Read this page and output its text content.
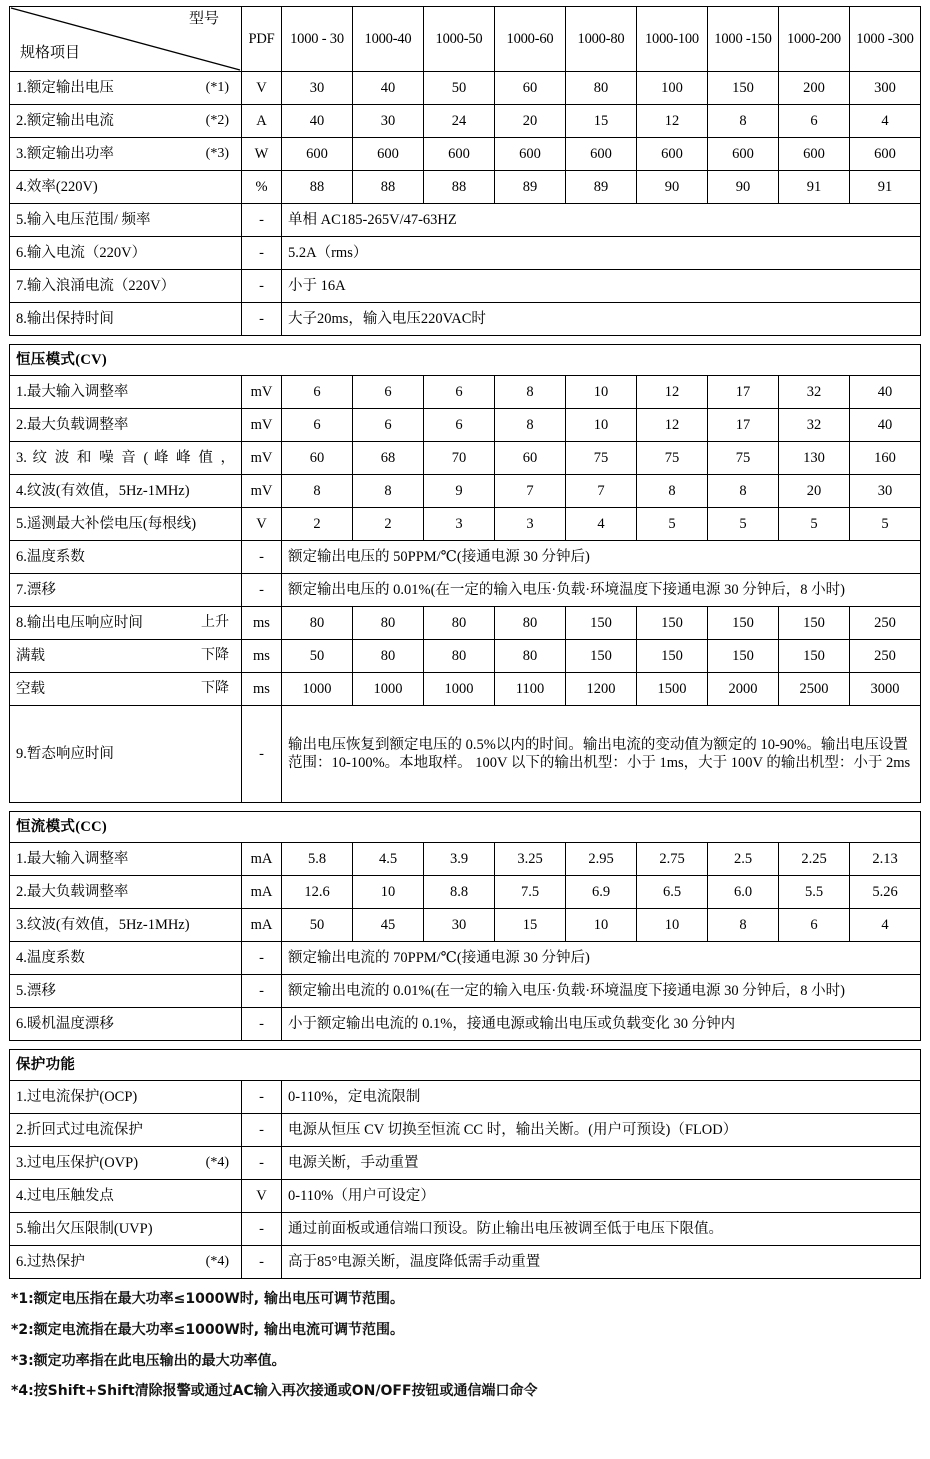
型号
规格项目	PDF	1000 - 30	1000-40	1000-50	1000-60	1000-80	1000-100	1000 -150	1000-200	1000 -300

1.额定输出电压 (*1)	V	30	40	50	60	80	100	150	200	300

2.额定输出电流 (*2)	A	40	30	24	20	15	12	8	6	4

3.额定输出功率 (*3)	W	600	600	600	600	600	600	600	600	600

4.效率(220V)	%	88	88	88	89	89	90	90	91	91

5.输入电压范围/ 频率	-	单相 AC185-265V/47-63HZ								

6.输入电流（220V）	-	5.2A（rms）								

7.输入浪涌电流（220V）	-	小于 16A								

8.输出保持时间	-	大子20ms，输入电压220VAC时								
恒压模式(CV)										

1.最大输入调整率	mV	6	6	6	8	10	12	17	32	40

2.最大负载调整率	mV	6	6	6	8	10	12	17	32	40

3. 纹 波 和 噪 音 ( 峰 峰 值 ，	mV	60	68	70	60	75	75	75	130	160

4.纹波(有效值，5Hz-1MHz)	mV	8	8	9	7	7	8	8	20	30

5.遥测最大补偿电压(每根线)	V	2	2	3	3	4	5	5	5	5

6.温度系数	-	额定输出电压的 50PPM/℃(接通电源 30 分钟后)								

7.漂移	-	额定输出电压的 0.01%(在一定的输入电压·负载·环境温度下接通电源 30 分钟后，8 小时)								

8.输出电压响应时间 上升	ms	80	80	80	80	150	150	150	150	250

满载 下降	ms	50	80	80	80	150	150	150	150	250

空载 下降	ms	1000	1000	1000	1100	1200	1500	2000	2500	3000

9.暂态响应时间	-	输出电压恢复到额定电压的 0.5%以内的时间。输出电流的变动值为额定的 10-90%。输出电压设置范围：10-100%。本地取样。 100V 以下的输出机型：小于 1ms，大于 100V 的输出机型：小于 2ms								
恒流模式(CC)										

1.最大输入调整率	mA	5.8	4.5	3.9	3.25	2.95	2.75	2.5	2.25	2.13

2.最大负载调整率	mA	12.6	10	8.8	7.5	6.9	6.5	6.0	5.5	5.26

3.纹波(有效值，5Hz-1MHz)	mA	50	45	30	15	10	10	8	6	4

4.温度系数	-	额定输出电流的 70PPM/℃(接通电源 30 分钟后)								

5.漂移	-	额定输出电流的 0.01%(在一定的输入电压·负载·环境温度下接通电源 30 分钟后，8 小时)								

6.暖机温度漂移	-	小于额定输出电流的 0.1%，接通电源或输出电压或负载变化 30 分钟内								
保护功能		

1.过电流保护(OCP)	-	0-110%，定电流限制

2.折回式过电流保护	-	电源从恒压 CV 切换至恒流 CC 时，输出关断。(用户可预设)（FLOD）

3.过电压保护(OVP) (*4)	-	电源关断，手动重置

4.过电压触发点	V	0-110%（用户可设定）

5.输出欠压限制(UVP)	-	通过前面板或通信端口预设。防止输出电压被调至低于电压下限值。

6.过热保护 (*4)	-	高于85°电源关断，温度降低需手动重置

*1:额定电压指在最大功率≤1000W时, 输出电压可调节范围。

*2:额定电流指在最大功率≤1000W时, 输出电流可调节范围。

*3:额定功率指在此电压输出的最大功率值。

*4:按Shift+Shift清除报警或通过AC输入再次接通或ON/OFF按钮或通信端口命令
